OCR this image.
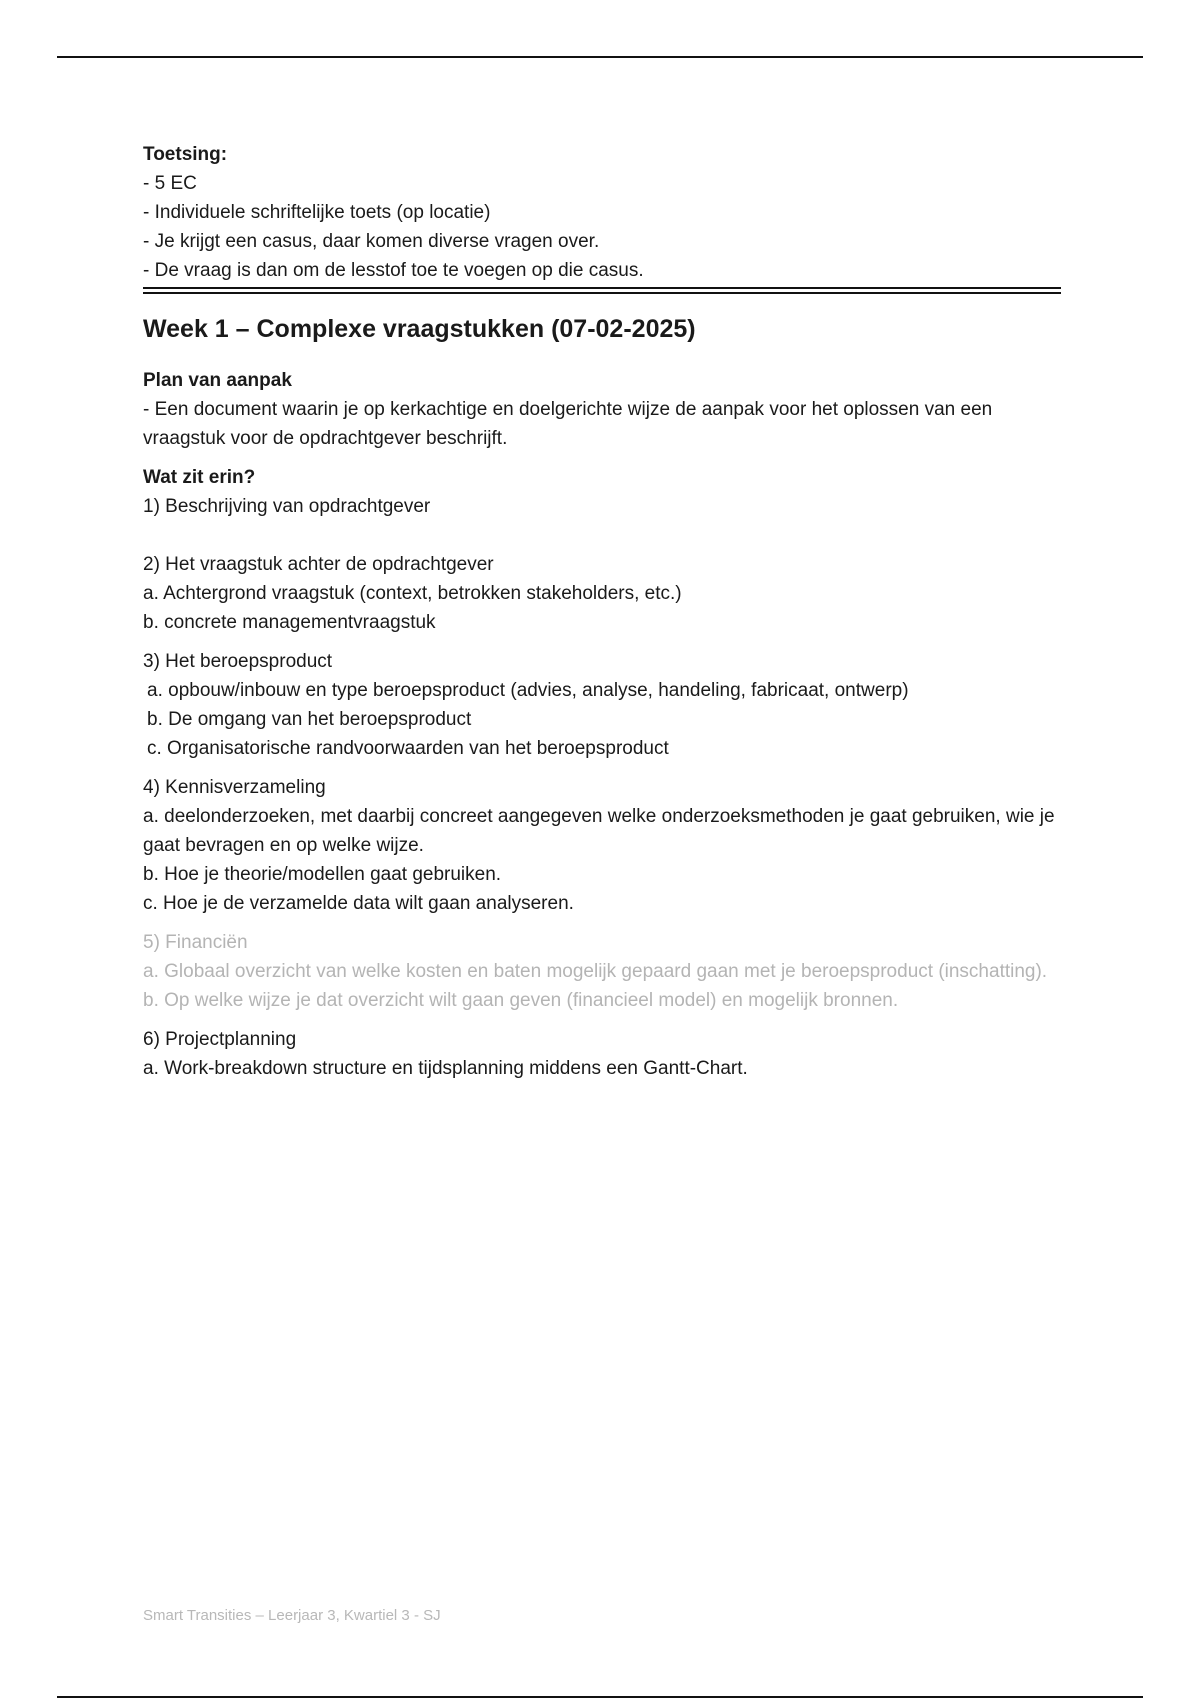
Toetsing:

- 5 EC

- Individuele schriftelijke toets (op locatie)

- Je krijgt een casus, daar komen diverse vragen over.

- De vraag is dan om de lesstof toe te voegen op die casus.

Week 1 – Complexe vraagstukken (07-02-2025)

Plan van aanpak

- Een document waarin je op kerkachtige en doelgerichte wijze de aanpak voor het oplossen van een vraagstuk voor de opdrachtgever beschrijft.

Wat zit erin?

1) Beschrijving van opdrachtgever

2) Het vraagstuk achter de opdrachtgever

a. Achtergrond vraagstuk (context, betrokken stakeholders, etc.)

b. concrete managementvraagstuk

3) Het beroepsproduct

a. opbouw/inbouw en type beroepsproduct (advies, analyse, handeling, fabricaat, ontwerp)

b. De omgang van het beroepsproduct

c. Organisatorische randvoorwaarden van het beroepsproduct

4) Kennisverzameling

a. deelonderzoeken, met daarbij concreet aangegeven welke onderzoeksmethoden je gaat gebruiken, wie je gaat bevragen en op welke wijze.

b. Hoe je theorie/modellen gaat gebruiken.

c. Hoe je de verzamelde data wilt gaan analyseren.

5) Financiën

a. Globaal overzicht van welke kosten en baten mogelijk gepaard gaan met je beroepsproduct (inschatting).

b. Op welke wijze je dat overzicht wilt gaan geven (financieel model) en mogelijk bronnen.

6) Projectplanning

a. Work-breakdown structure en tijdsplanning middens een Gantt-Chart.

Smart Transities – Leerjaar 3, Kwartiel 3 - SJ
